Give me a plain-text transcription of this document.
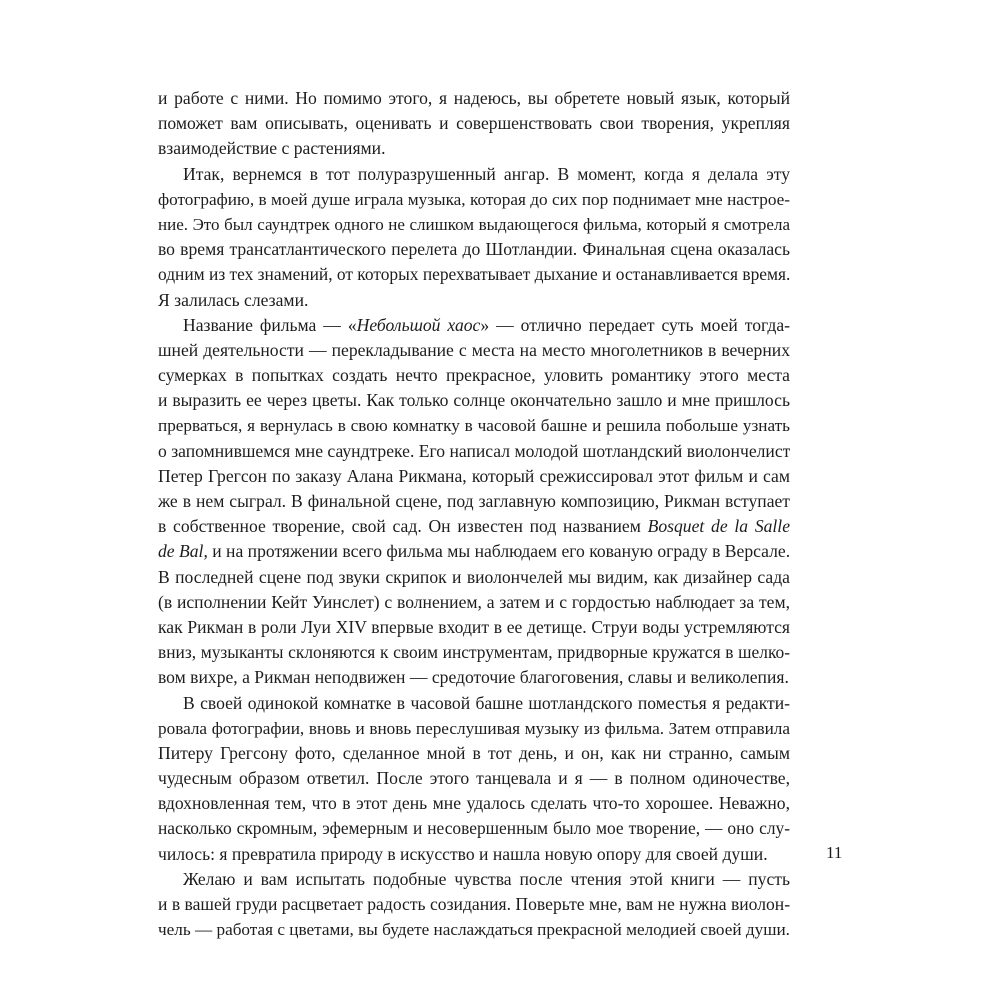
и работе с ними. Но помимо этого, я надеюсь, вы обретете новый язык, который
поможет вам описывать, оценивать и совершенствовать свои творения, укрепляя
взаимодействие с растениями.
Итак, вернемся в тот полуразрушенный ангар. В момент, когда я делала эту
фотографию, в моей душе играла музыка, которая до сих пор поднимает мне настрое-
ние. Это был саундтрек одного не слишком выдающегося фильма, который я смотрела
во время трансатлантического перелета до Шотландии. Финальная сцена оказалась
одним из тех знамений, от которых перехватывает дыхание и останавливается время.
Я залилась слезами.
Название фильма — «Небольшой хаос» — отлично передает суть моей тогда-
шней деятельности — перекладывание с места на место многолетников в вечерних
сумерках в попытках создать нечто прекрасное, уловить романтику этого места
и выразить ее через цветы. Как только солнце окончательно зашло и мне пришлось
прерваться, я вернулась в свою комнатку в часовой башне и решила побольше узнать
о запомнившемся мне саундтреке. Его написал молодой шотландский виолончелист
Петер Грегсон по заказу Алана Рикмана, который срежиссировал этот фильм и сам
же в нем сыграл. В финальной сцене, под заглавную композицию, Рикман вступает
в собственное творение, свой сад. Он известен под названием Bosquet de la Salle
de Bal, и на протяжении всего фильма мы наблюдаем его кованую ограду в Версале.
В последней сцене под звуки скрипок и виолончелей мы видим, как дизайнер сада
(в исполнении Кейт Уинслет) с волнением, а затем и с гордостью наблюдает за тем,
как Рикман в роли Луи XIV впервые входит в ее детище. Струи воды устремляются
вниз, музыканты склоняются к своим инструментам, придворные кружатся в шелко-
вом вихре, а Рикман неподвижен — средоточие благоговения, славы и великолепия.
В своей одинокой комнатке в часовой башне шотландского поместья я редакти-
ровала фотографии, вновь и вновь переслушивая музыку из фильма. Затем отправила
Питеру Грегсону фото, сделанное мной в тот день, и он, как ни странно, самым
чудесным образом ответил. После этого танцевала и я — в полном одиночестве,
вдохновленная тем, что в этот день мне удалось сделать что-то хорошее. Неважно,
насколько скромным, эфемерным и несовершенным было мое творение, — оно слу-
чилось: я превратила природу в искусство и нашла новую опору для своей души.
Желаю и вам испытать подобные чувства после чтения этой книги — пусть
и в вашей груди расцветает радость созидания. Поверьте мне, вам не нужна виолон-
чель — работая с цветами, вы будете наслаждаться прекрасной мелодией своей души.
11
